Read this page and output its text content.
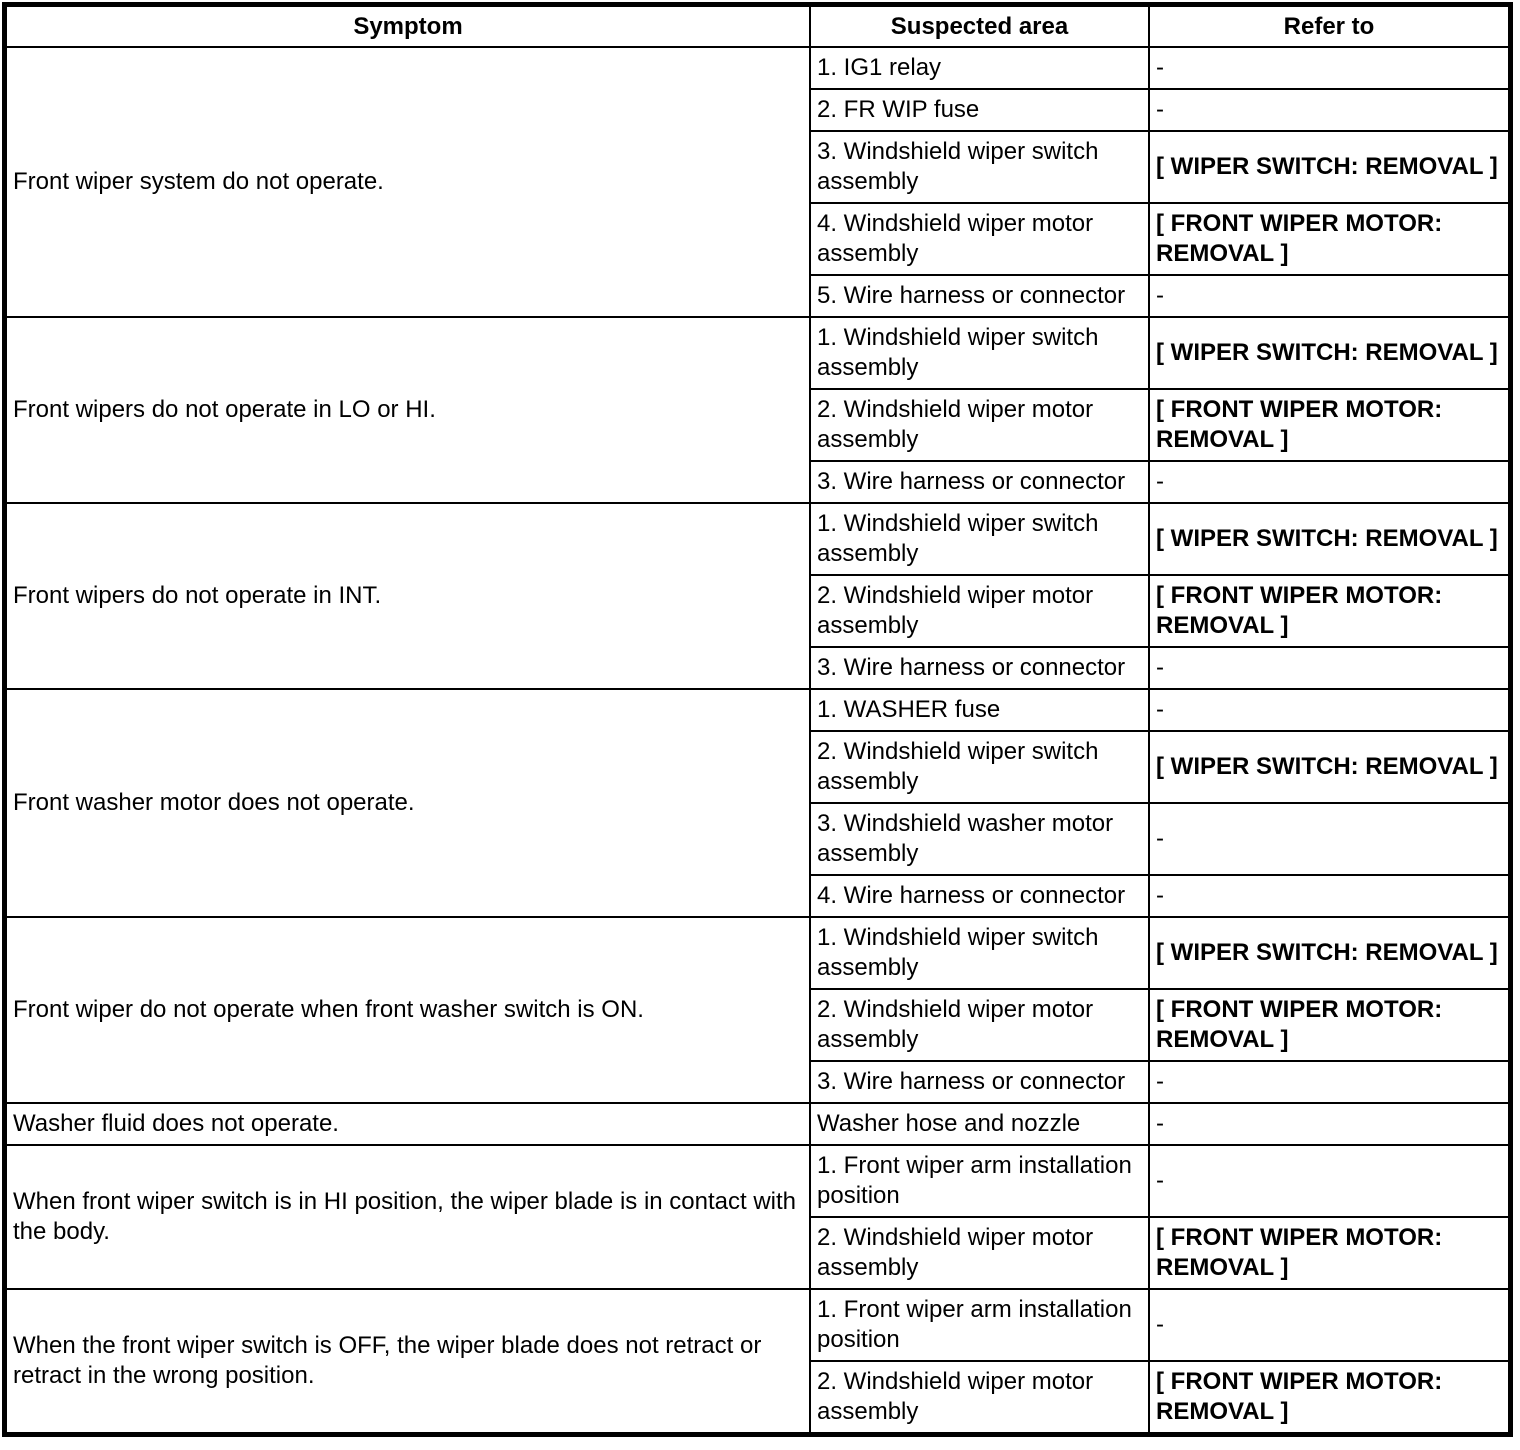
Symptom	Suspected area	Refer to
Front wiper system do not operate.	1. IG1 relay	-
	2. FR WIP fuse	-
	3. Windshield wiper switch assembly	[ WIPER SWITCH: REMOVAL ]
	4. Windshield wiper motor assembly	[ FRONT WIPER MOTOR: REMOVAL ]
	5. Wire harness or connector	-
Front wipers do not operate in LO or HI.	1. Windshield wiper switch assembly	[ WIPER SWITCH: REMOVAL ]
	2. Windshield wiper motor assembly	[ FRONT WIPER MOTOR: REMOVAL ]
	3. Wire harness or connector	-
Front wipers do not operate in INT.	1. Windshield wiper switch assembly	[ WIPER SWITCH: REMOVAL ]
	2. Windshield wiper motor assembly	[ FRONT WIPER MOTOR: REMOVAL ]
	3. Wire harness or connector	-
Front washer motor does not operate.	1. WASHER fuse	-
	2. Windshield wiper switch assembly	[ WIPER SWITCH: REMOVAL ]
	3. Windshield washer motor assembly	-
	4. Wire harness or connector	-
Front wiper do not operate when front washer switch is ON.	1. Windshield wiper switch assembly	[ WIPER SWITCH: REMOVAL ]
	2. Windshield wiper motor assembly	[ FRONT WIPER MOTOR: REMOVAL ]
	3. Wire harness or connector	-
Washer fluid does not operate.	Washer hose and nozzle	-
When front wiper switch is in HI position, the wiper blade is in contact with the body.	1. Front wiper arm installation position	-
	2. Windshield wiper motor assembly	[ FRONT WIPER MOTOR: REMOVAL ]
When the front wiper switch is OFF, the wiper blade does not retract or retract in the wrong position.	1. Front wiper arm installation position	-
	2. Windshield wiper motor assembly	[ FRONT WIPER MOTOR: REMOVAL ]
